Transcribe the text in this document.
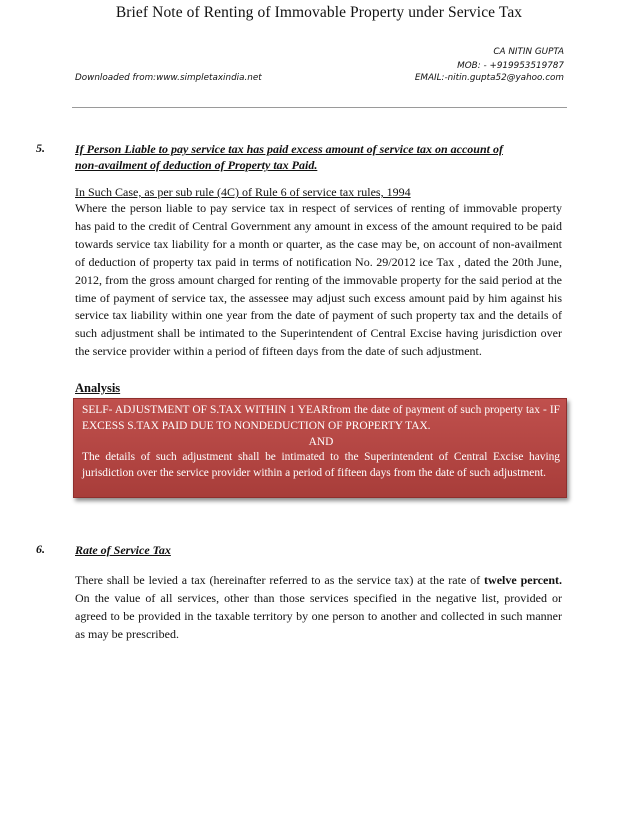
Brief Note of Renting of Immovable Property under Service Tax
CA NITIN GUPTA
MOB: - +919953519787
Downloaded from:www.simpletaxindia.net	EMAIL:-nitin.gupta52@yahoo.com
5.	If Person Liable to pay service tax has paid excess amount of service tax on account of
non-availment of deduction of Property tax Paid.
In Such Case, as per sub rule (4C) of Rule 6 of service tax rules, 1994

Where the person liable to pay service tax in respect of services of renting of immovable property has paid to the credit of Central Government any amount in excess of the amount required to be paid towards service tax liability for a month or quarter, as the case may be, on account of non-availment of deduction of property tax paid in terms of notification No. 29/2012 ice Tax , dated the 20th June, 2012, from the gross amount charged for renting of the immovable property for the said period at the time of payment of service tax, the assessee may adjust such excess amount paid by him against his service tax liability within one year from the date of payment of such property tax and the details of such adjustment shall be intimated to the Superintendent of Central Excise having jurisdiction over the service provider within a period of fifteen days from the date of such adjustment.

Analysis
SELF- ADJUSTMENT OF S.TAX WITHIN 1 YEARfrom the date of payment of such property tax - IF EXCESS S.TAX PAID DUE TO NONDEDUCTION OF PROPERTY TAX.
AND
The details of such adjustment shall be intimated to the Superintendent of Central Excise having jurisdiction over the service provider within a period of fifteen days from the date of such adjustment.
6.	Rate of Service Tax

There shall be levied a tax (hereinafter referred to as the service tax) at the rate of twelve percent. On the value of all services, other than those services specified in the negative list, provided or agreed to be provided in the taxable territory by one person to another and collected in such manner as may be prescribed.
